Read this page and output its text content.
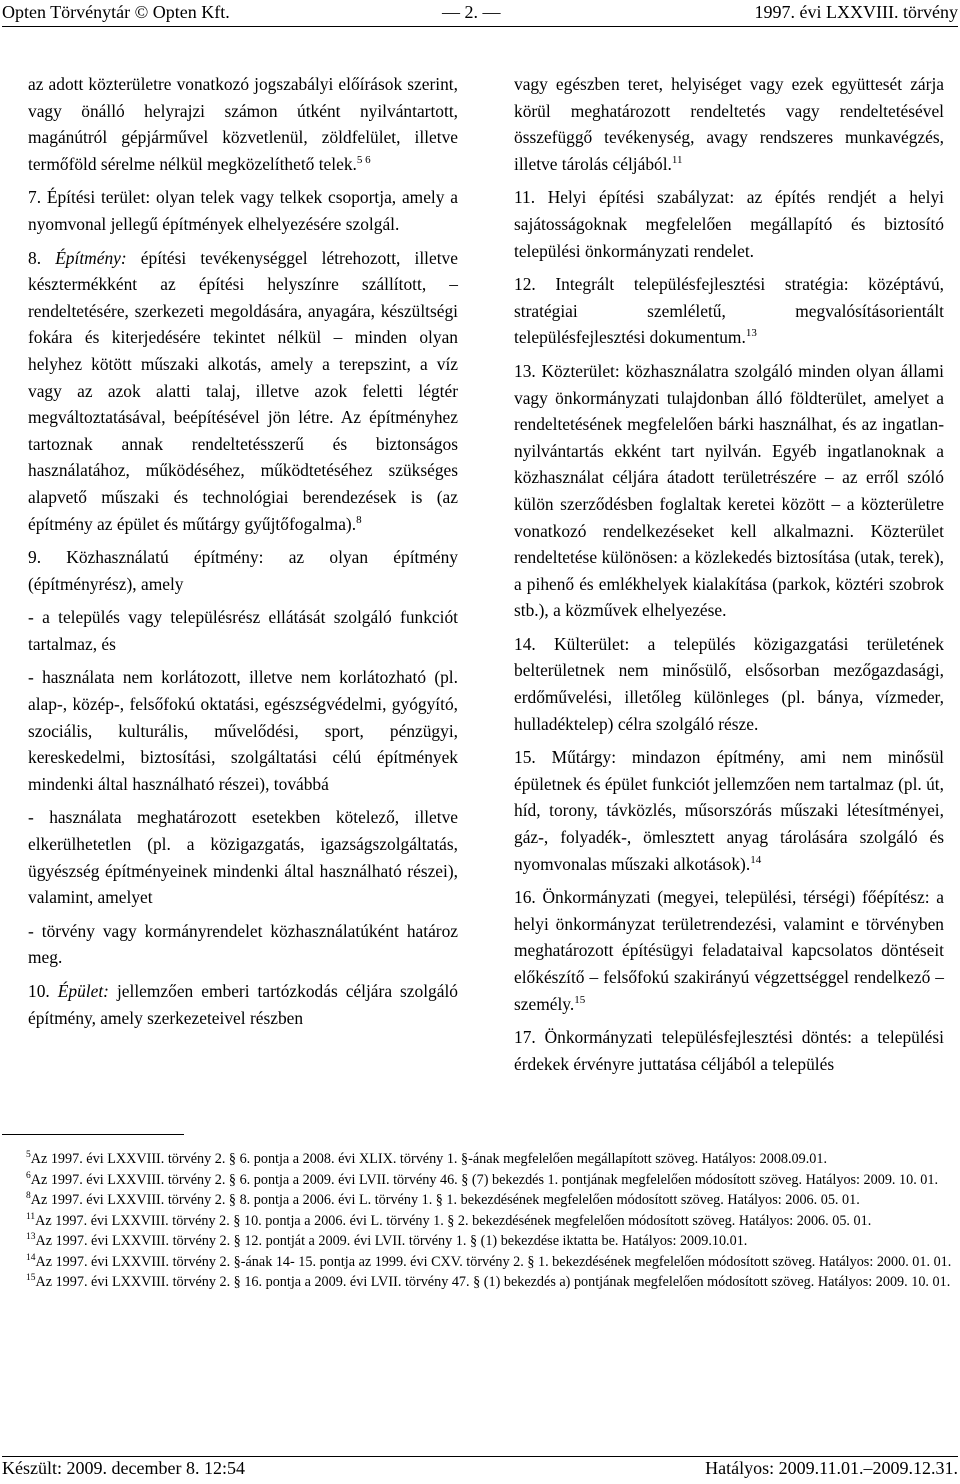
Opten Törvénytár © Opten Kft.	— 2. —	1997. évi LXXVIII. törvény

az adott közterületre vonatkozó jogszabályi előírások szerint, vagy önálló helyrajzi számon útként nyilvántartott, magánútról gépjárművel közvetlenül, zöldfelület, illetve termőföld sérelme nélkül megközelíthető telek.$^{5 6}$

7. Építési terület: olyan telek vagy telkek csoportja, amely a nyomvonal jellegű építmények elhelyezésére szolgál.

8. Építmény: építési tevékenységgel létrehozott, illetve késztermékként az építési helyszínre szállított, – rendeltetésére, szerkezeti megoldására, anyagára, készültségi fokára és kiterjedésére tekintet nélkül – minden olyan helyhez kötött műszaki alkotás, amely a terepszint, a víz vagy az azok alatti talaj, illetve azok feletti légtér megváltoztatásával, beépítésével jön létre. Az építményhez tartoznak annak rendeltetésszerű és biztonságos használatához, működéséhez, működtetéséhez szükséges alapvető műszaki és technológiai berendezések is (az építmény az épület és műtárgy gyűjtőfogalma).$^8$

9. Közhasználatú építmény: az olyan építmény (építményrész), amely

- a település vagy településrész ellátását szolgáló funkciót tartalmaz, és

- használata nem korlátozott, illetve nem korlátozható (pl. alap-, közép-, felsőfokú oktatási, egészségvédelmi, gyógyító, szociális, kulturális, művelődési, sport, pénzügyi, kereskedelmi, biztosítási, szolgáltatási célú építmények mindenki által használható részei), továbbá

- használata meghatározott esetekben kötelező, illetve elkerülhetetlen (pl. a közigazgatás, igazságszolgáltatás, ügyészség építményeinek mindenki által használható részei), valamint, amelyet

- törvény vagy kormányrendelet közhasználatúként határoz meg.

10. Épület: jellemzően emberi tartózkodás céljára szolgáló építmény, amely szerkezeteivel részben

vagy egészben teret, helyiséget vagy ezek együttesét zárja körül meghatározott rendeltetés vagy rendeltetésével összefüggő tevékenység, avagy rendszeres munkavégzés, illetve tárolás céljából.$^{11}$

11. Helyi építési szabályzat: az építés rendjét a helyi sajátosságoknak megfelelően megállapító és biztosító települési önkormányzati rendelet.

12. Integrált településfejlesztési stratégia: középtávú, stratégiai szemléletű, megvalósításorientált településfejlesztési dokumentum.$^{13}$

13. Közterület: közhasználatra szolgáló minden olyan állami vagy önkormányzati tulajdonban álló földterület, amelyet a rendeltetésének megfelelően bárki használhat, és az ingatlan-nyilvántartás ekként tart nyilván. Egyéb ingatlanoknak a közhasználat céljára átadott területrészére – az erről szóló külön szerződésben foglaltak keretei között – a közterületre vonatkozó rendelkezéseket kell alkalmazni. Közterület rendeltetése különösen: a közlekedés biztosítása (utak, terek), a pihenő és emlékhelyek kialakítása (parkok, köztéri szobrok stb.), a közművek elhelyezése.

14. Külterület: a település közigazgatási területének belterületnek nem minősülő, elsősorban mezőgazdasági, erdőművelési, illetőleg különleges (pl. bánya, vízmeder, hulladéktelep) célra szolgáló része.

15. Műtárgy: mindazon építmény, ami nem minősül épületnek és épület funkciót jellemzően nem tartalmaz (pl. út, híd, torony, távközlés, műsorszórás műszaki létesítményei, gáz-, folyadék-, ömlesztett anyag tárolására szolgáló és nyomvonalas műszaki alkotások).$^{14}$

16. Önkormányzati (megyei, települési, térségi) főépítész: a helyi önkormányzat területrendezési, valamint e törvényben meghatározott építésügyi feladataival kapcsolatos döntéseit előkészítő – felsőfokú szakirányú végzettséggel rendelkező – személy.$^{15}$

17. Önkormányzati településfejlesztési döntés: a települési érdekek érvényre juttatása céljából a település

$^5$Az 1997. évi LXXVIII. törvény 2. § 6. pontja a 2008. évi XLIX. törvény 1. §-ának megfelelően megállapított szöveg. Hatályos: 2008.09.01.

$^6$Az 1997. évi LXXVIII. törvény 2. § 6. pontja a 2009. évi LVII. törvény 46. § (7) bekezdés 1. pontjának megfelelően módosított szöveg. Hatályos: 2009. 10. 01.

$^8$Az 1997. évi LXXVIII. törvény 2. § 8. pontja a 2006. évi L. törvény 1. § 1. bekezdésének megfelelően módosított szöveg. Hatályos: 2006. 05. 01.

$^{11}$Az 1997. évi LXXVIII. törvény 2. § 10. pontja a 2006. évi L. törvény 1. § 2. bekezdésének megfelelően módosított szöveg. Hatályos: 2006. 05. 01.

$^{13}$Az 1997. évi LXXVIII. törvény 2. § 12. pontját a 2009. évi LVII. törvény 1. § (1) bekezdése iktatta be. Hatályos: 2009.10.01.

$^{14}$Az 1997. évi LXXVIII. törvény 2. §-ának 14- 15. pontja az 1999. évi CXV. törvény 2. § 1. bekezdésének megfelelően módosított szöveg. Hatályos: 2000. 01. 01.

$^{15}$Az 1997. évi LXXVIII. törvény 2. § 16. pontja a 2009. évi LVII. törvény 47. § (1) bekezdés a) pontjának megfelelően módosított szöveg. Hatályos: 2009. 10. 01.

Készült: 2009. december 8. 12:54	Hatályos: 2009.11.01.–2009.12.31.
